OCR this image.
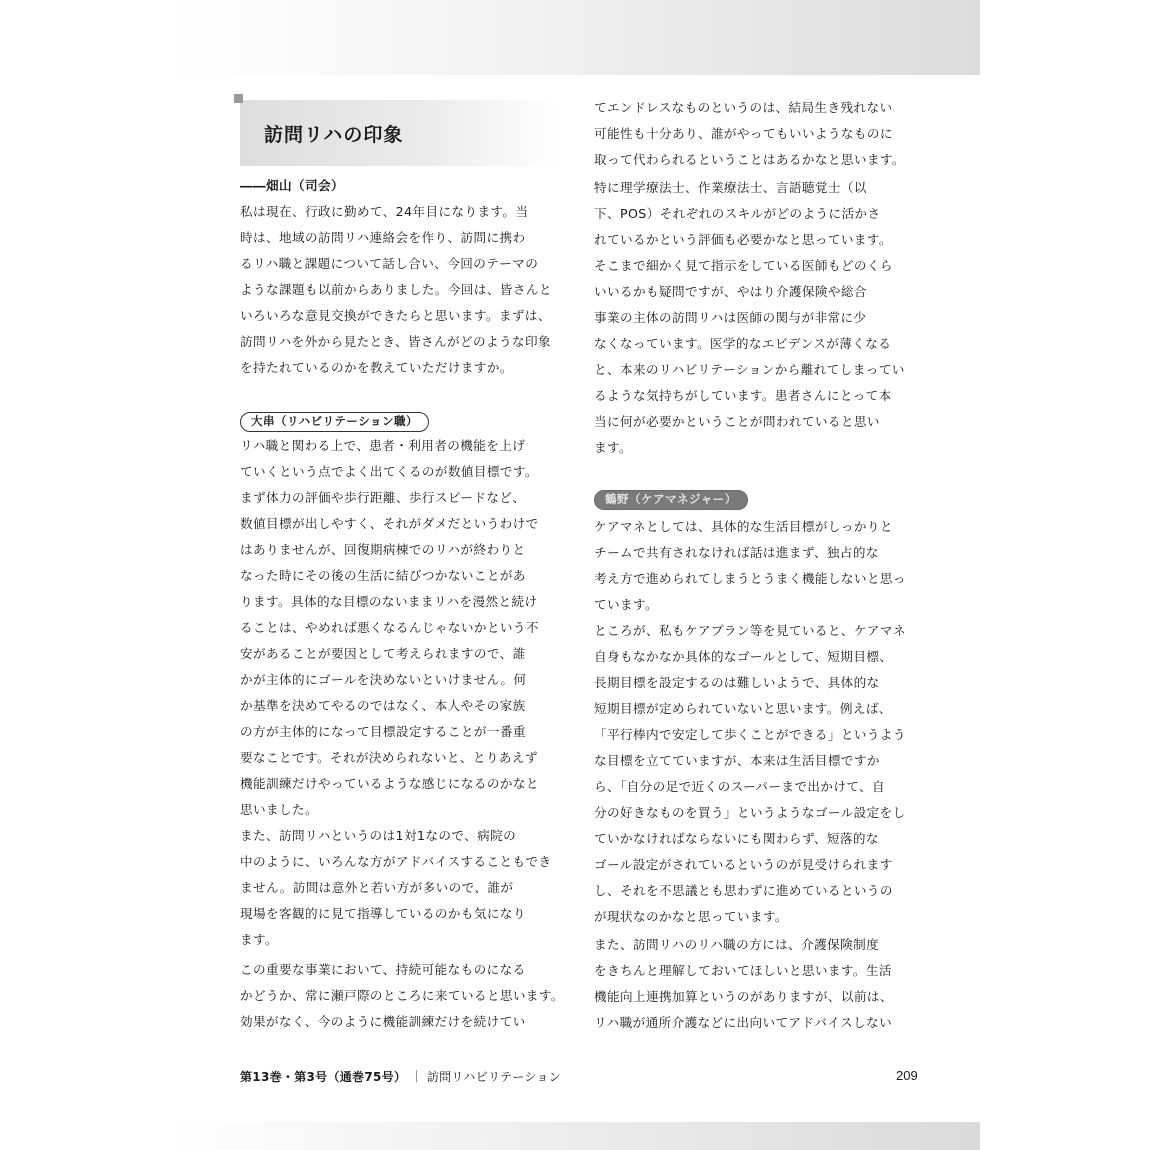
訪問リハの印象
――畑山（司会）
私は現在、行政に勤めて、24年目になります。当
時は、地域の訪問リハ連絡会を作り、訪問に携わ
るリハ職と課題について話し合い、今回のテーマの
ような課題も以前からありました。今回は、皆さんと
いろいろな意見交換ができたらと思います。まずは、
訪問リハを外から見たとき、皆さんがどのような印象
を持たれているのかを教えていただけますか。
大串（リハビリテーション職）
リハ職と関わる上で、患者・利用者の機能を上げ
ていくという点でよく出てくるのが数値目標です。
まず体力の評価や歩行距離、歩行スピードなど、
数値目標が出しやすく、それがダメだというわけで
はありませんが、回復期病棟でのリハが終わりと
なった時にその後の生活に結びつかないことがあ
ります。具体的な目標のないままリハを漫然と続け
ることは、やめれば悪くなるんじゃないかという不
安があることが要因として考えられますので、誰
かが主体的にゴールを決めないといけません。何
か基準を決めてやるのではなく、本人やその家族
の方が主体的になって目標設定することが一番重
要なことです。それが決められないと、とりあえず
機能訓練だけやっているような感じになるのかなと
思いました。
また、訪問リハというのは1対1なので、病院の
中のように、いろんな方がアドバイスすることもでき
ません。訪問は意外と若い方が多いので、誰が
現場を客観的に見て指導しているのかも気になり
ます。
この重要な事業において、持続可能なものになる
かどうか、常に瀬戸際のところに来ていると思います。
効果がなく、今のように機能訓練だけを続けてい
てエンドレスなものというのは、結局生き残れない
可能性も十分あり、誰がやってもいいようなものに
取って代わられるということはあるかなと思います。
特に理学療法士、作業療法士、言語聴覚士（以
下、POS）それぞれのスキルがどのように活かさ
れているかという評価も必要かなと思っています。
そこまで細かく見て指示をしている医師もどのくら
いいるかも疑問ですが、やはり介護保険や総合
事業の主体の訪問リハは医師の関与が非常に少
なくなっています。医学的なエビデンスが薄くなる
と、本来のリハビリテーションから離れてしまってい
るような気持ちがしています。患者さんにとって本
当に何が必要かということが問われていると思い
ます。
鶴野（ケアマネジャー）
ケアマネとしては、具体的な生活目標がしっかりと
チームで共有されなければ話は進まず、独占的な
考え方で進められてしまうとうまく機能しないと思っ
ています。
ところが、私もケアプラン等を見ていると、ケアマネ
自身もなかなか具体的なゴールとして、短期目標、
長期目標を設定するのは難しいようで、具体的な
短期目標が定められていないと思います。例えば、
「平行棒内で安定して歩くことができる」というよう
な目標を立てていますが、本来は生活目標ですか
ら、「自分の足で近くのスーパーまで出かけて、自
分の好きなものを買う」というようなゴール設定をし
ていかなければならないにも関わらず、短落的な
ゴール設定がされているというのが見受けられます
し、それを不思議とも思わずに進めているというの
が現状なのかなと思っています。
また、訪問リハのリハ職の方には、介護保険制度
をきちんと理解しておいてほしいと思います。生活
機能向上連携加算というのがありますが、以前は、
リハ職が通所介護などに出向いてアドバイスしない
第13巻・第3号（通巻75号） ｜ 訪問リハビリテーション	209
